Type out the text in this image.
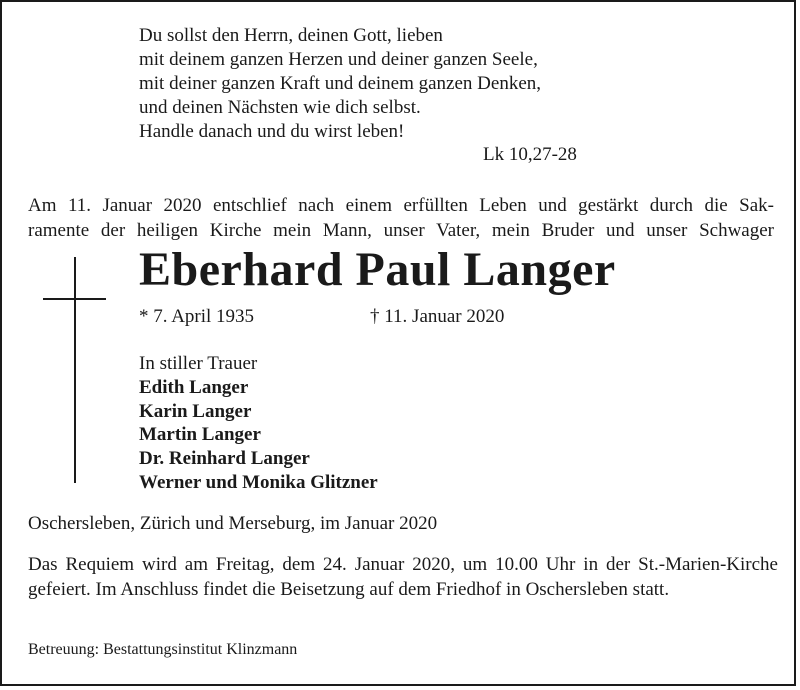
Du sollst den Herrn, deinen Gott, lieben
mit deinem ganzen Herzen und deiner ganzen Seele,
mit deiner ganzen Kraft und deinem ganzen Denken,
und deinen Nächsten wie dich selbst.
Handle danach und du wirst leben!
Lk 10,27-28
Am 11. Januar 2020 entschlief nach einem erfüllten Leben und gestärkt durch die Sak-
ramente der heiligen Kirche mein Mann, unser Vater, mein Bruder und unser Schwager
Eberhard Paul Langer
* 7. April 1935	† 11. Januar 2020
In stiller Trauer
Edith Langer
Karin Langer
Martin Langer
Dr. Reinhard Langer
Werner und Monika Glitzner
Oschersleben, Zürich und Merseburg, im Januar 2020
Das Requiem wird am Freitag, dem 24. Januar 2020, um 10.00 Uhr in der St.-Marien-Kirche gefeiert. Im Anschluss findet die Beisetzung auf dem Friedhof in Oschersleben statt.
Betreuung: Bestattungsinstitut Klinzmann
